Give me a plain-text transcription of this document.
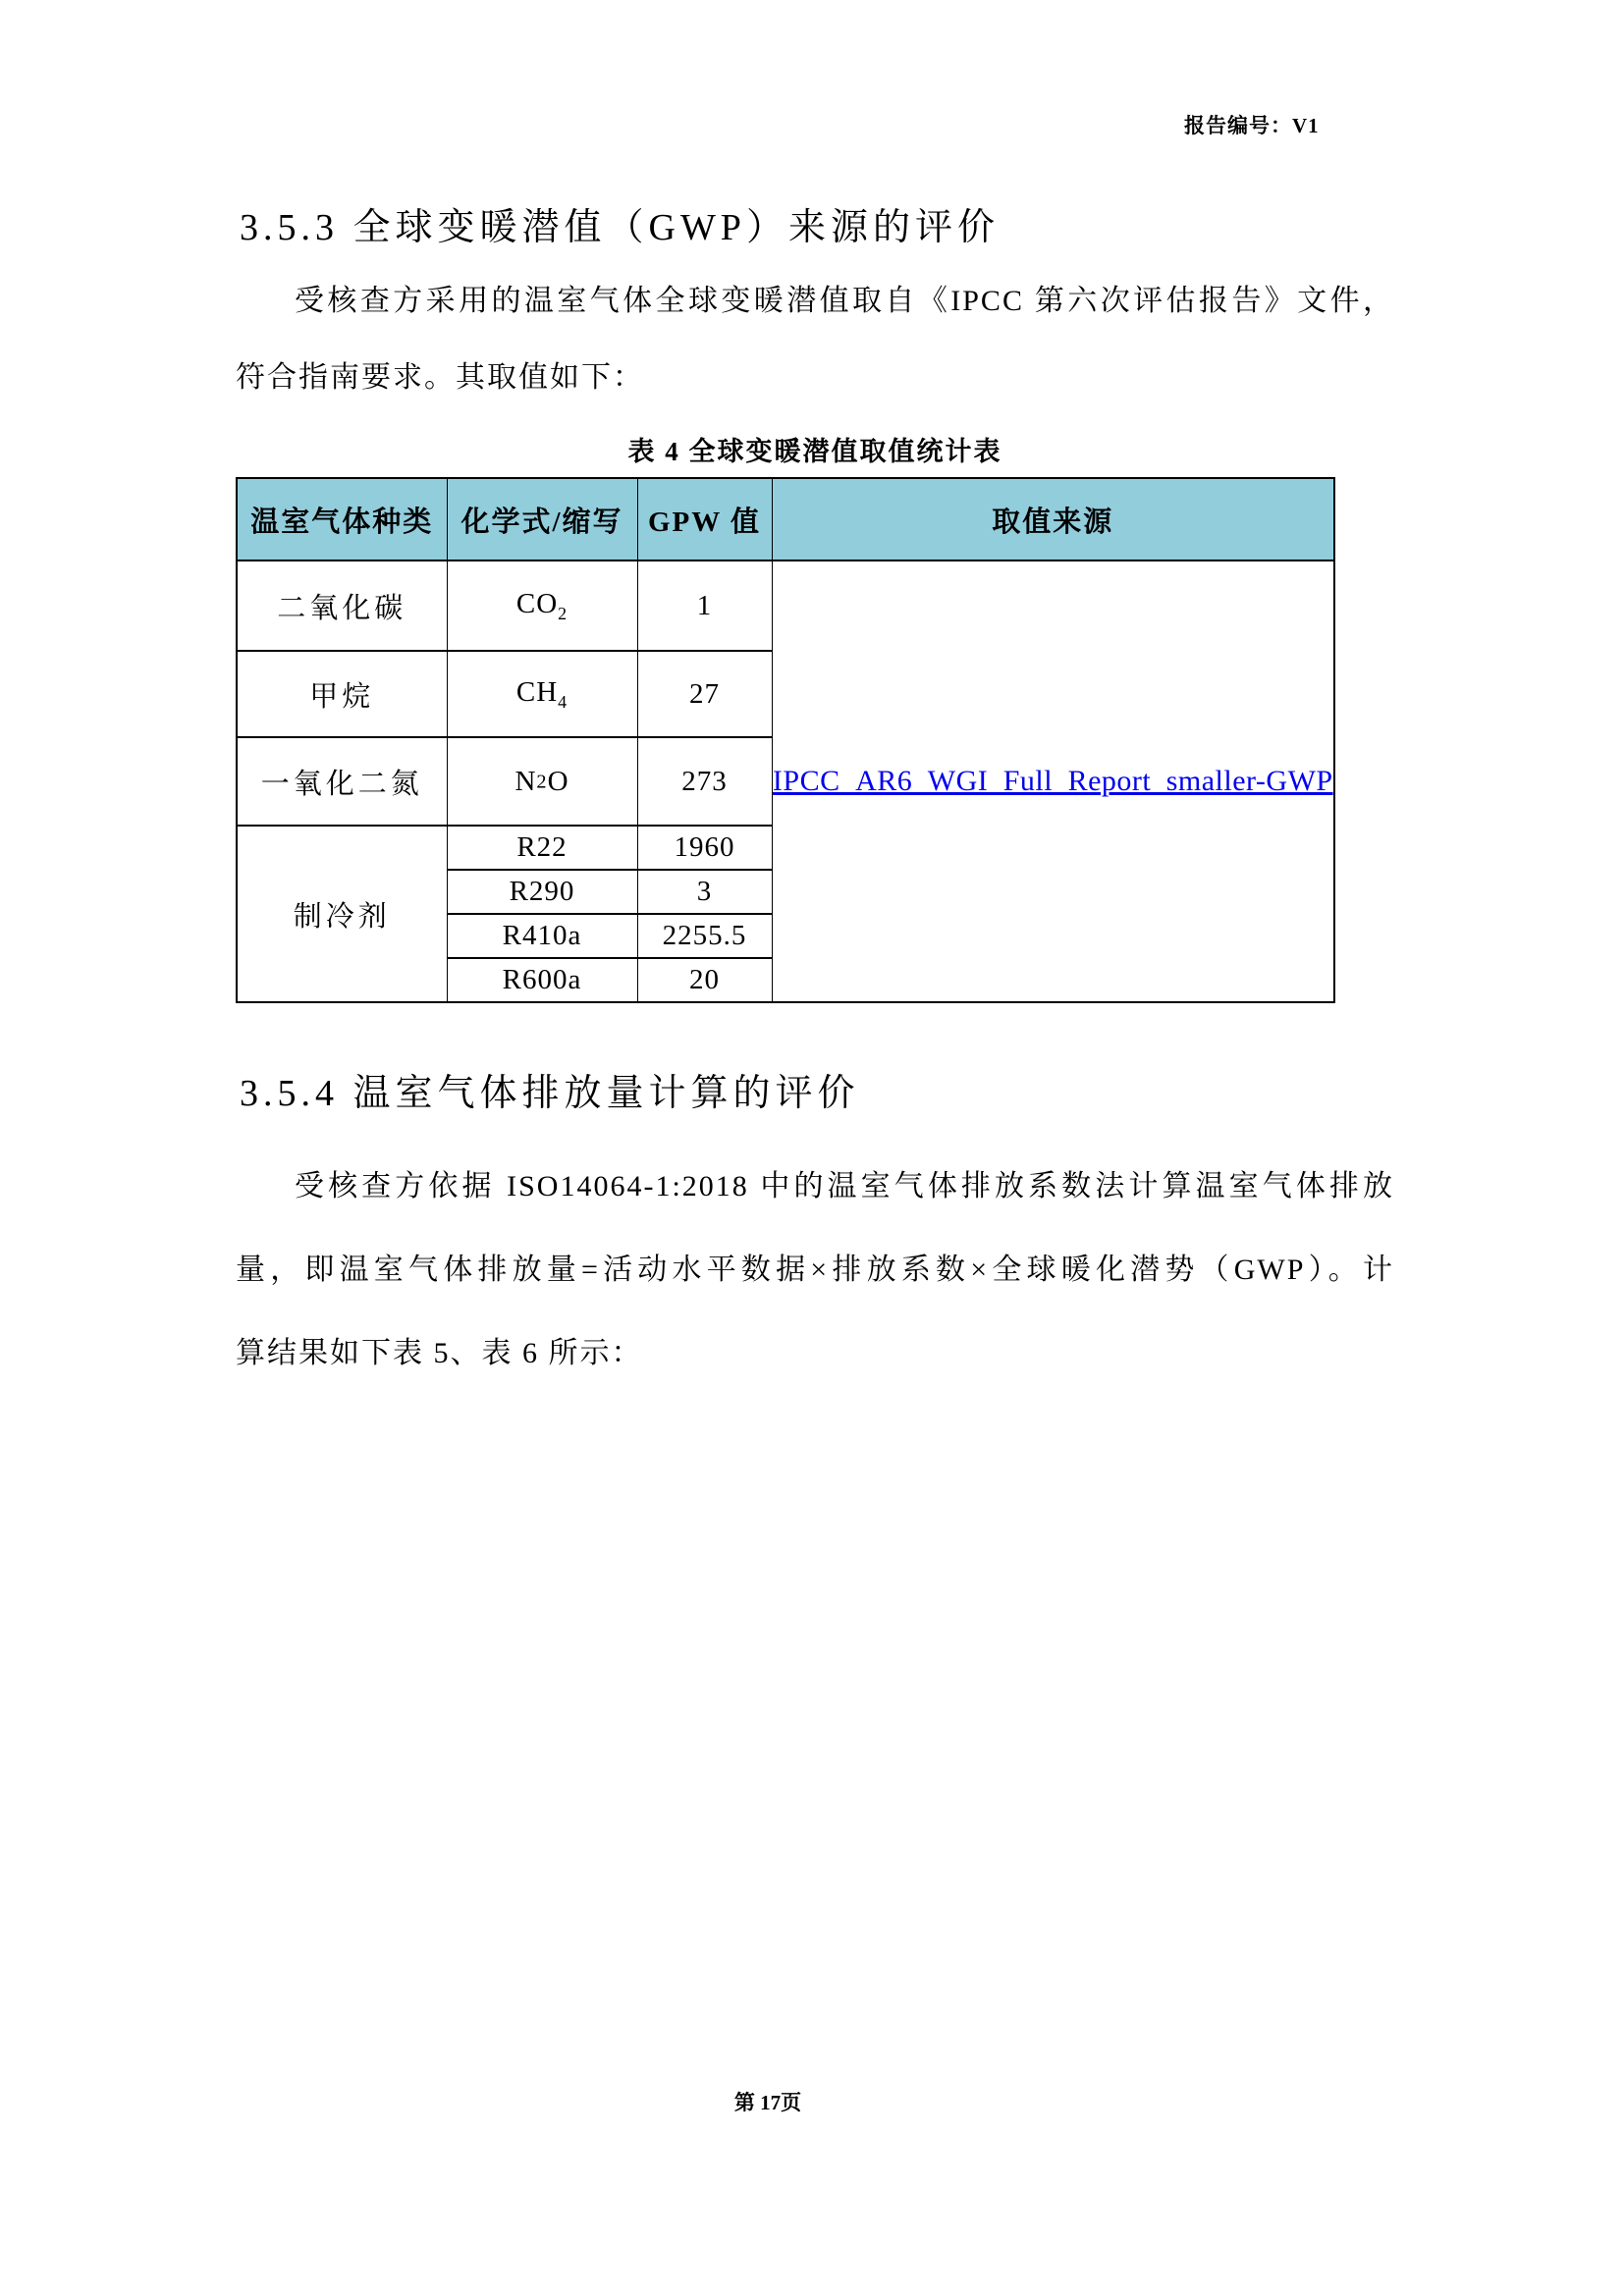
报告编号：V1
3.5.3 全球变暖潜值（GWP）来源的评价
受核查方采用的温室气体全球变暖潜值取自《IPCC 第六次评估报告》文件，
符合指南要求。其取值如下：
表 4 全球变暖潜值取值统计表
温室气体种类	化学式/缩写	GPW 值	取值来源
二氧化碳	$CO_2$	1	IPCC_AR6_WGI_Full_Report_smaller-GWP
甲烷	$CH_4$	27	
一氧化二氮	N2O	273	
制冷剂	R22	1960	
	R290	3	
	R410a	2255.5	
	R600a	20	
3.5.4 温室气体排放量计算的评价
受核查方依据 ISO14064-1:2018 中的温室气体排放系数法计算温室气体排放
量，即温室气体排放量=活动水平数据×排放系数×全球暖化潜势（GWP）。计
算结果如下表 5、表 6 所示：
第 17页
